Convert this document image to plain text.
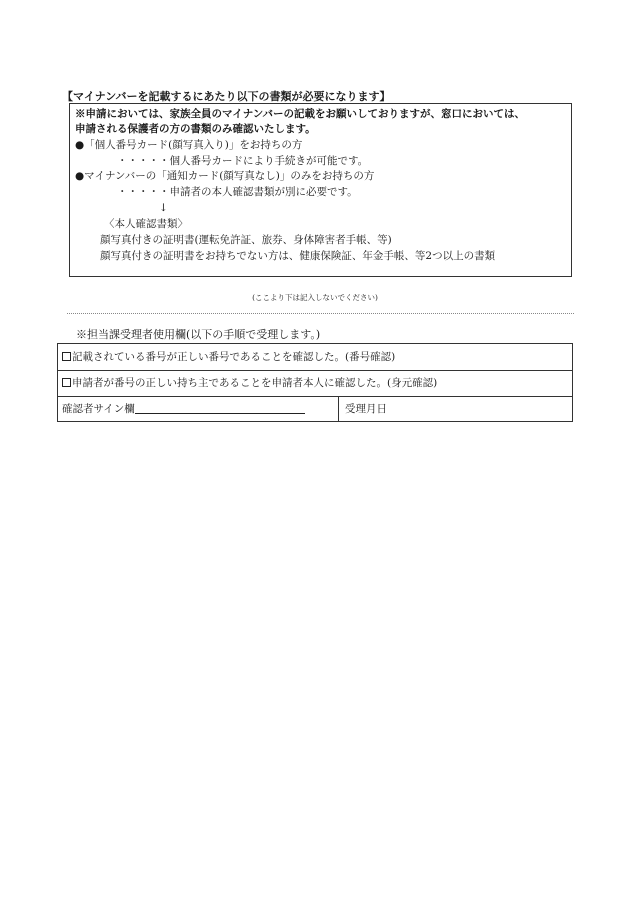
【マイナンバーを記載するにあたり以下の書類が必要になります】
※申請においては、家族全員のマイナンバーの記載をお願いしておりますが、窓口においては、
申請される保護者の方の書類のみ確認いたします。
●「個人番号カード(顔写真入り)」をお持ちの方
・・・・・個人番号カードにより手続きが可能です。
●マイナンバーの「通知カード(顔写真なし)」のみをお持ちの方
・・・・・申請者の本人確認書類が別に必要です。
↓
〈本人確認書類〉
顔写真付きの証明書(運転免許証、旅券、身体障害者手帳、等)
顔写真付きの証明書をお持ちでない方は、健康保険証、年金手帳、等2つ以上の書類
(ここより下は記入しないでください)
※担当課受理者使用欄(以下の手順で受理します。)
記載されている番号が正しい番号であることを確認した。(番号確認)
申請者が番号の正しい持ち主であることを申請者本人に確認した。(身元確認)
確認者サイン欄	受理月日
